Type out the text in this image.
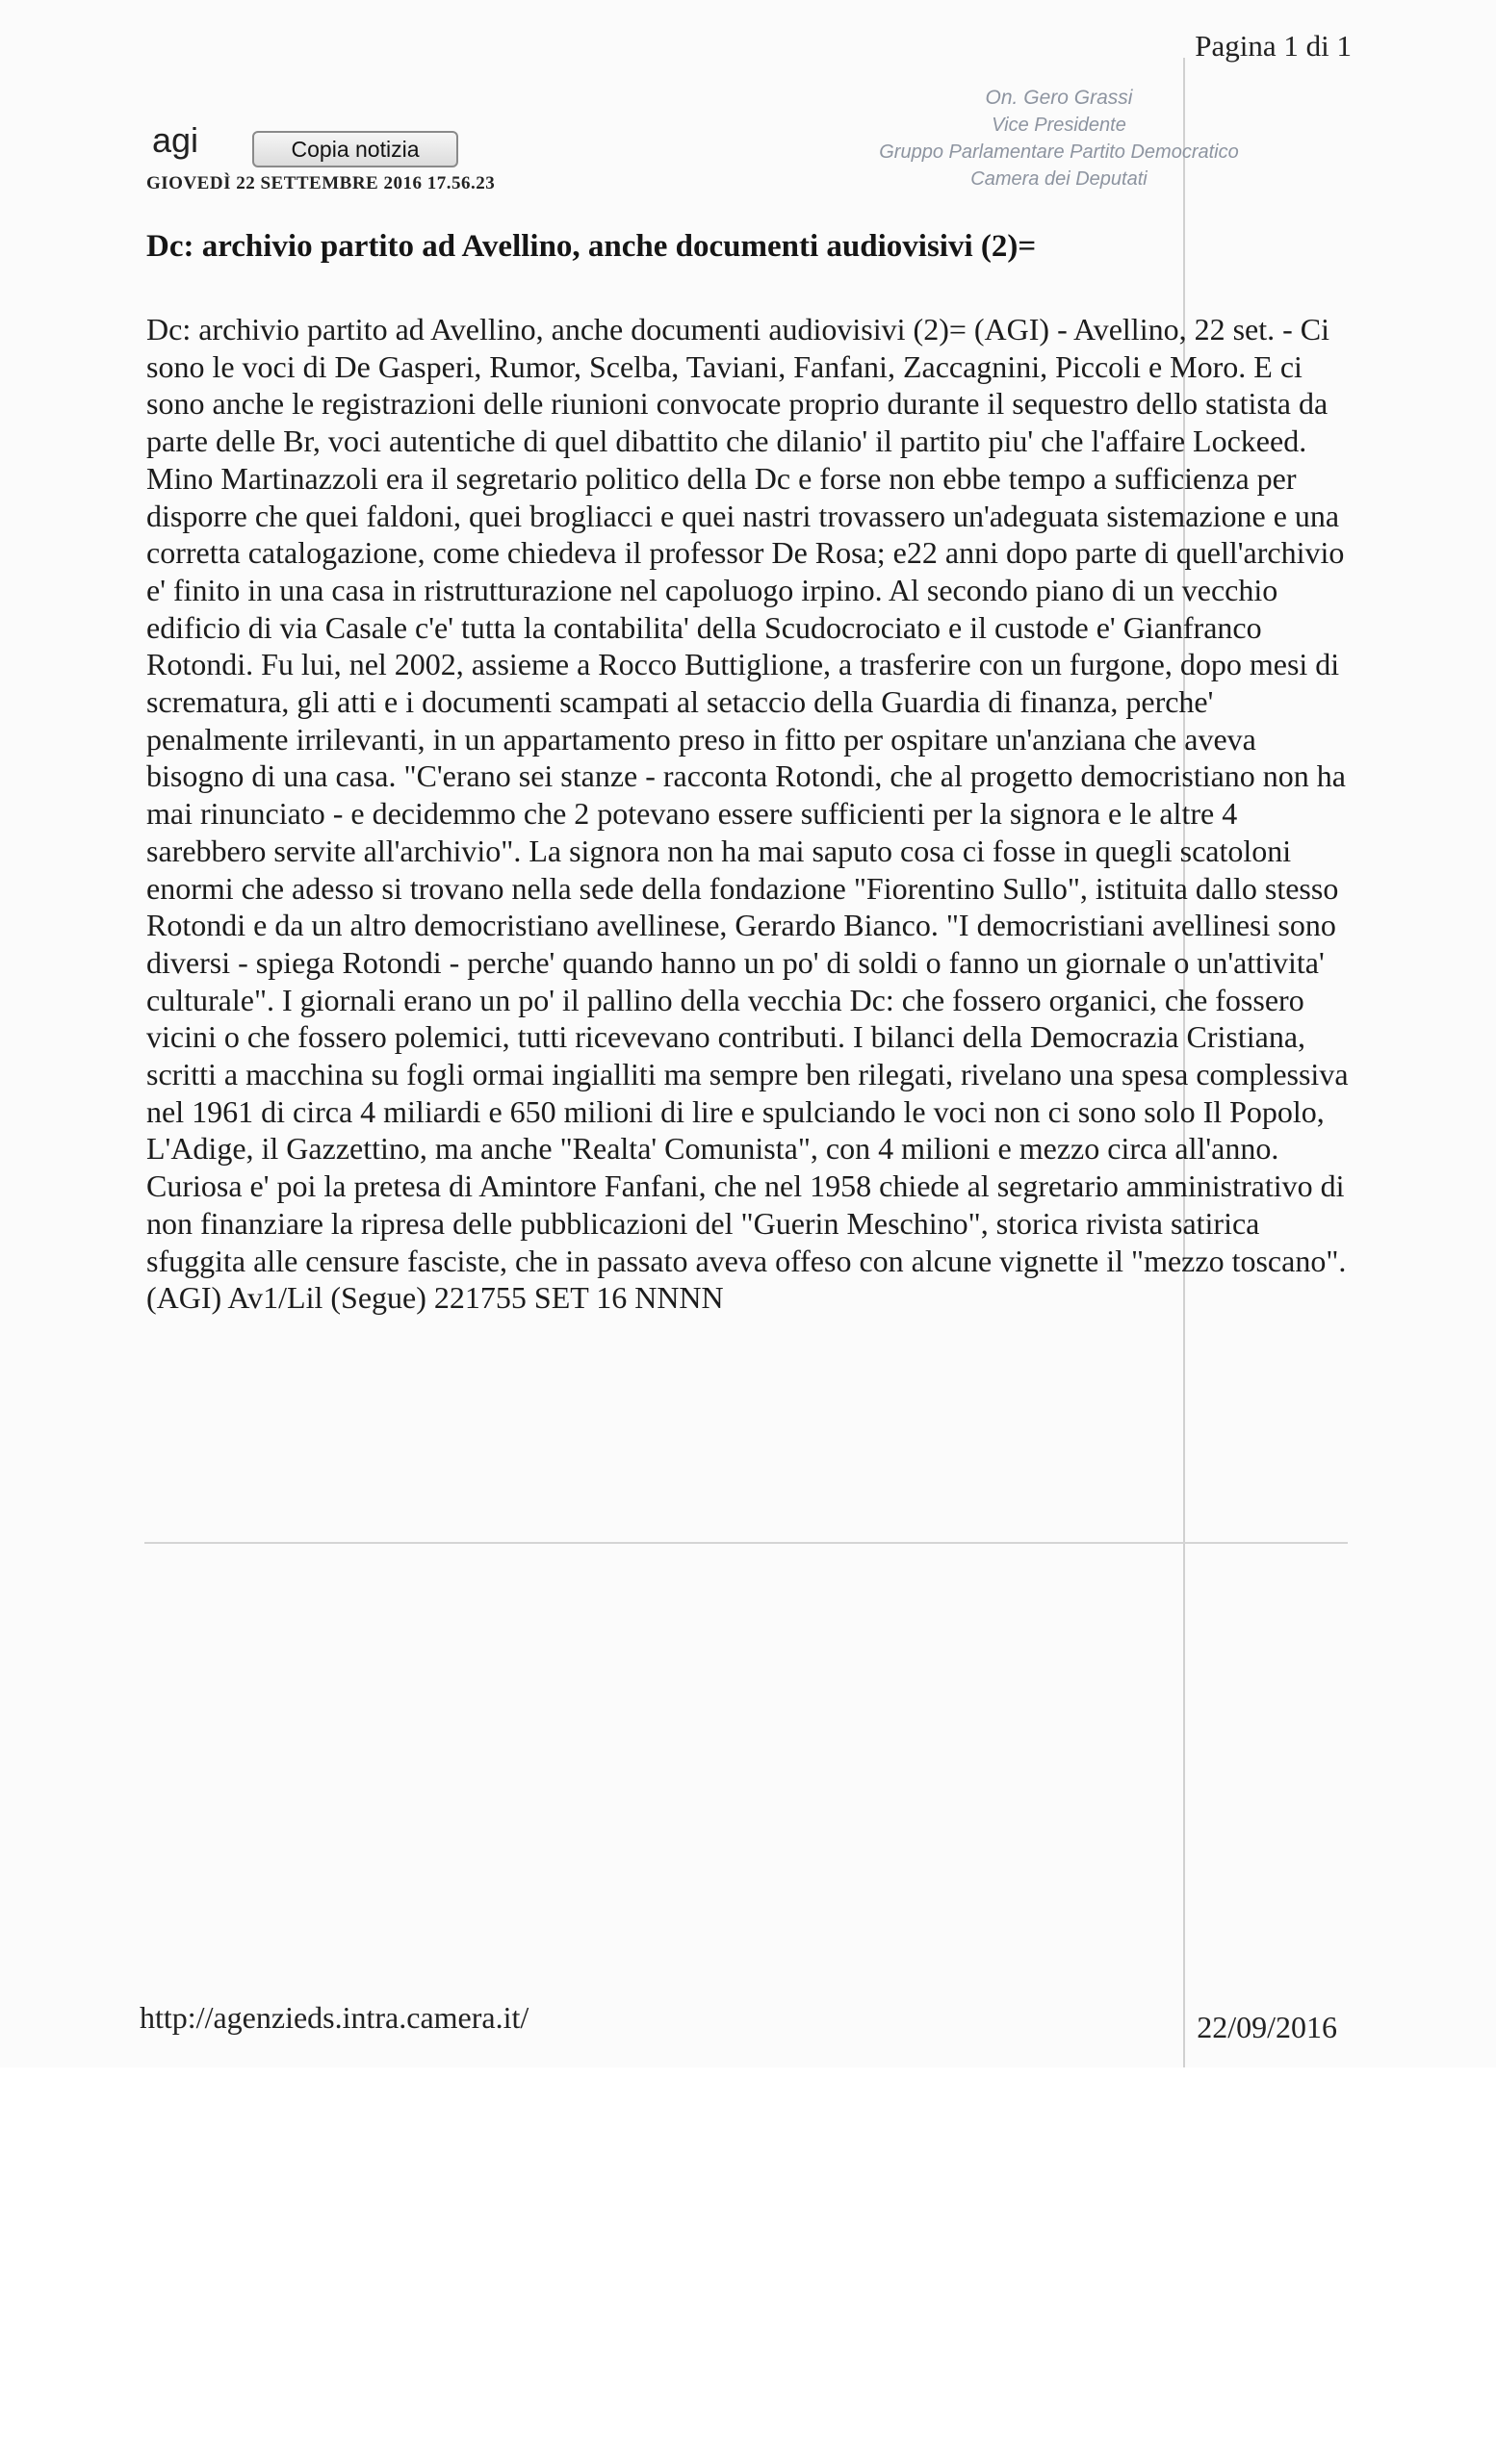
Pagina 1 di 1
agi	Copia notizia
GIOVEDÌ 22 SETTEMBRE 2016 17.56.23
On. Gero Grassi
Vice Presidente
Gruppo Parlamentare Partito Democratico
Camera dei Deputati
Dc: archivio partito ad Avellino, anche documenti audiovisivi (2)=

Dc: archivio partito ad Avellino, anche documenti audiovisivi (2)= (AGI) - Avellino, 22 set. - Ci sono le voci di De Gasperi, Rumor, Scelba, Taviani, Fanfani, Zaccagnini, Piccoli e Moro. E ci sono anche le registrazioni delle riunioni convocate proprio durante il sequestro dello statista da parte delle Br, voci autentiche di quel dibattito che dilanio' il partito piu' che l'affaire Lockeed. Mino Martinazzoli era il segretario politico della Dc e forse non ebbe tempo a sufficienza per disporre che quei faldoni, quei brogliacci e quei nastri trovassero un'adeguata sistemazione e una corretta catalogazione, come chiedeva il professor De Rosa; e22 anni dopo parte di quell'archivio e' finito in una casa in ristrutturazione nel capoluogo irpino. Al secondo piano di un vecchio edificio di via Casale c'e' tutta la contabilita' della Scudocrociato e il custode e' Gianfranco Rotondi. Fu lui, nel 2002, assieme a Rocco Buttiglione, a trasferire con un furgone, dopo mesi di scrematura, gli atti e i documenti scampati al setaccio della Guardia di finanza, perche' penalmente irrilevanti, in un appartamento preso in fitto per ospitare un'anziana che aveva bisogno di una casa. "C'erano sei stanze - racconta Rotondi, che al progetto democristiano non ha mai rinunciato - e decidemmo che 2 potevano essere sufficienti per la signora e le altre 4 sarebbero servite all'archivio". La signora non ha mai saputo cosa ci fosse in quegli scatoloni enormi che adesso si trovano nella sede della fondazione "Fiorentino Sullo", istituita dallo stesso Rotondi e da un altro democristiano avellinese, Gerardo Bianco. "I democristiani avellinesi sono diversi - spiega Rotondi - perche' quando hanno un po' di soldi o fanno un giornale o un'attivita' culturale". I giornali erano un po' il pallino della vecchia Dc: che fossero organici, che fossero vicini o che fossero polemici, tutti ricevevano contributi. I bilanci della Democrazia Cristiana, scritti a macchina su fogli ormai ingialliti ma sempre ben rilegati, rivelano una spesa complessiva nel 1961 di circa 4 miliardi e 650 milioni di lire e spulciando le voci non ci sono solo Il Popolo, L'Adige, il Gazzettino, ma anche "Realta' Comunista", con 4 milioni e mezzo circa all'anno. Curiosa e' poi la pretesa di Amintore Fanfani, che nel 1958 chiede al segretario amministrativo di non finanziare la ripresa delle pubblicazioni del "Guerin Meschino", storica rivista satirica sfuggita alle censure fasciste, che in passato aveva offeso con alcune vignette il "mezzo toscano". (AGI) Av1/Lil (Segue) 221755 SET 16 NNNN

http://agenzieds.intra.camera.it/	22/09/2016
